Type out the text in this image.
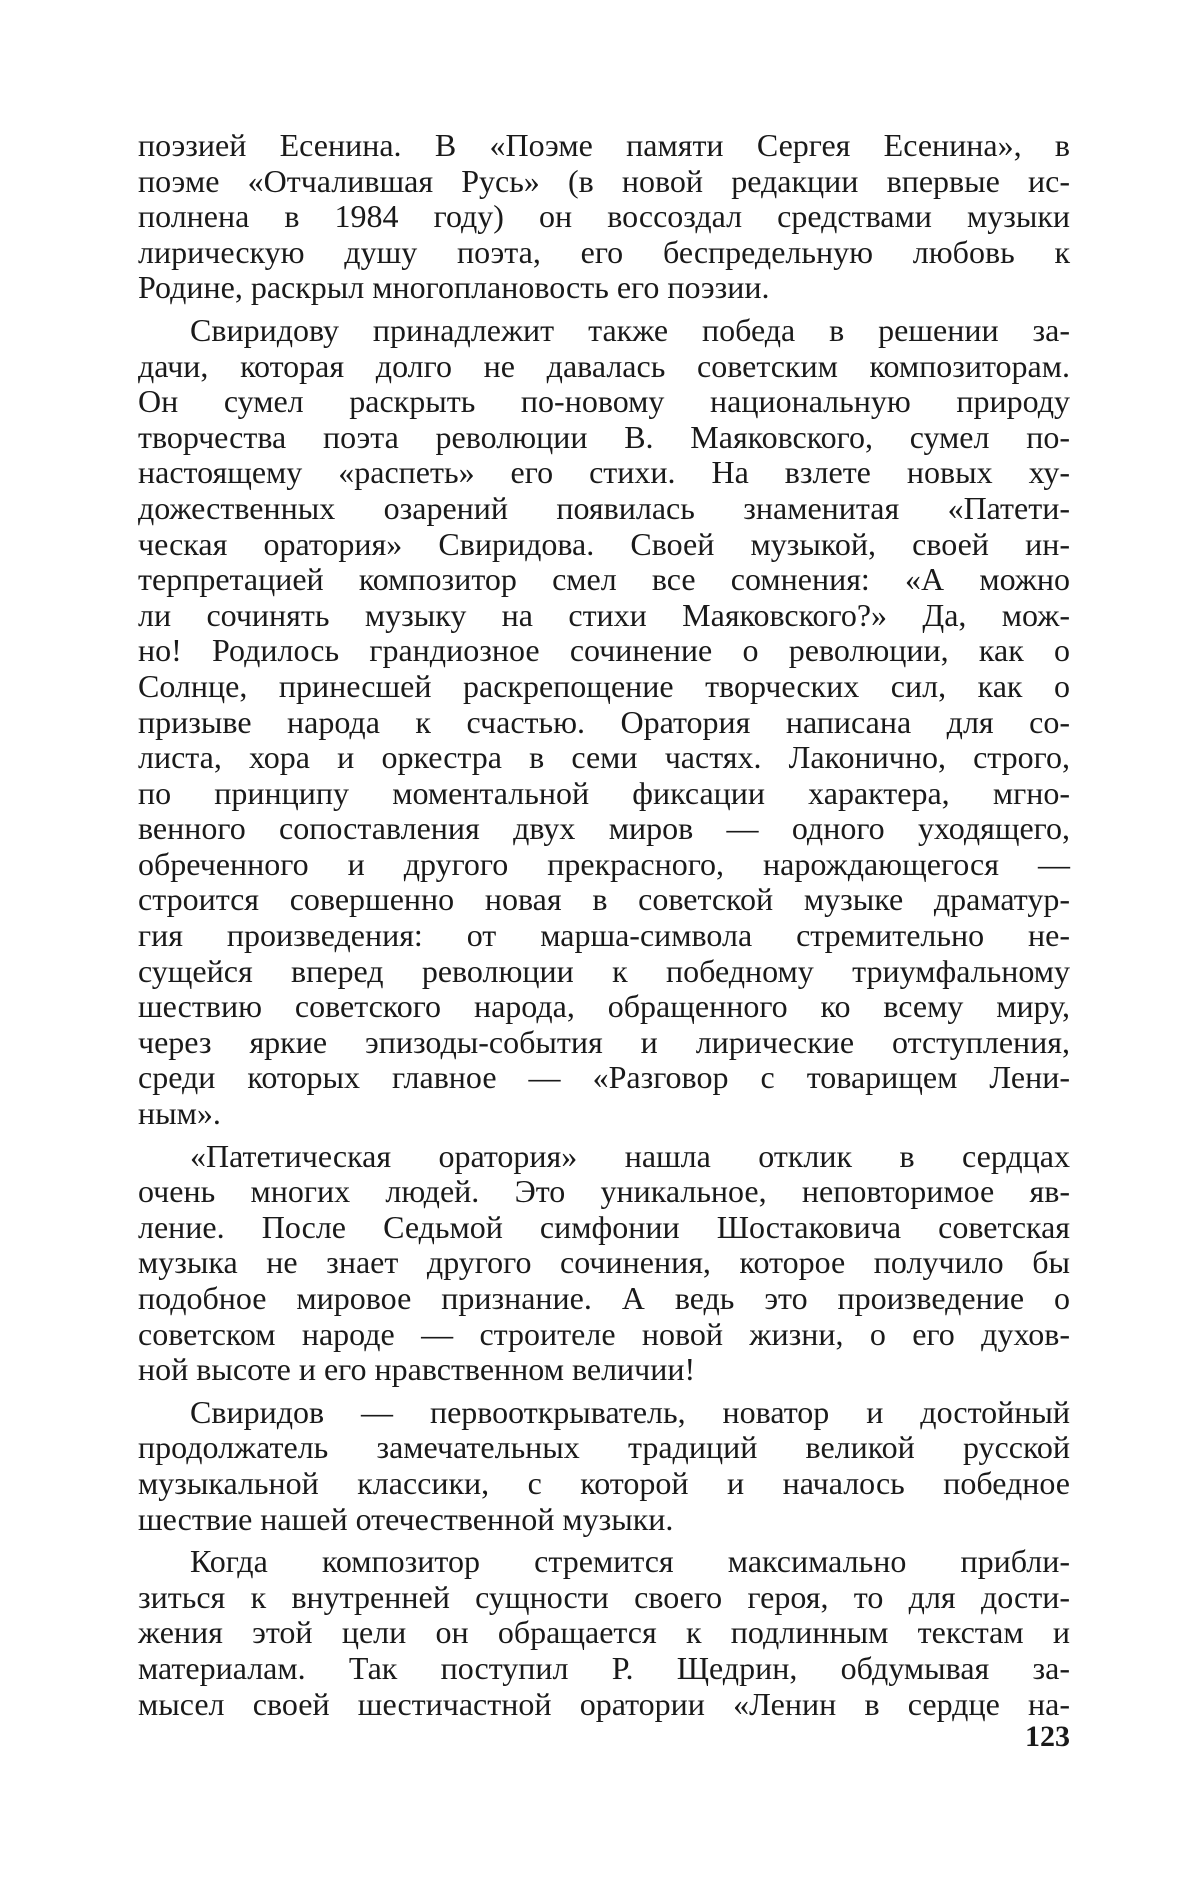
поэзией Есенина. В «Поэме памяти Сергея Есенина», в
поэме «Отчалившая Русь» (в новой редакции впервые ис-
полнена в 1984 году) он воссоздал средствами музыки
лирическую душу поэта, его беспредельную любовь к
Родине, раскрыл многоплановость его поэзии.
Свиридову принадлежит также победа в решении за-
дачи, которая долго не давалась советским композиторам.
Он сумел раскрыть по-новому национальную природу
творчества поэта революции В. Маяковского, сумел по-
настоящему «распеть» его стихи. На взлете новых ху-
дожественных озарений появилась знаменитая «Патети-
ческая оратория» Свиридова. Своей музыкой, своей ин-
терпретацией композитор смел все сомнения: «А можно
ли сочинять музыку на стихи Маяковского?» Да, мож-
но! Родилось грандиозное сочинение о революции, как о
Солнце, принесшей раскрепощение творческих сил, как о
призыве народа к счастью. Оратория написана для со-
листа, хора и оркестра в семи частях. Лаконично, строго,
по принципу моментальной фиксации характера, мгно-
венного сопоставления двух миров — одного уходящего,
обреченного и другого прекрасного, нарождающегося —
строится совершенно новая в советской музыке драматур-
гия произведения: от марша-символа стремительно не-
сущейся вперед революции к победному триумфальному
шествию советского народа, обращенного ко всему миру,
через яркие эпизоды-события и лирические отступления,
среди которых главное — «Разговор с товарищем Лени-
ным».
«Патетическая оратория» нашла отклик в сердцах
очень многих людей. Это уникальное, неповторимое яв-
ление. После Седьмой симфонии Шостаковича советская
музыка не знает другого сочинения, которое получило бы
подобное мировое признание. А ведь это произведение о
советском народе — строителе новой жизни, о его духов-
ной высоте и его нравственном величии!
Свиридов — первооткрыватель, новатор и достойный
продолжатель замечательных традиций великой русской
музыкальной классики, с которой и началось победное
шествие нашей отечественной музыки.
Когда композитор стремится максимально прибли-
зиться к внутренней сущности своего героя, то для дости-
жения этой цели он обращается к подлинным текстам и
материалам. Так поступил Р. Щедрин, обдумывая за-
мысел своей шестичастной оратории «Ленин в сердце на-
123
